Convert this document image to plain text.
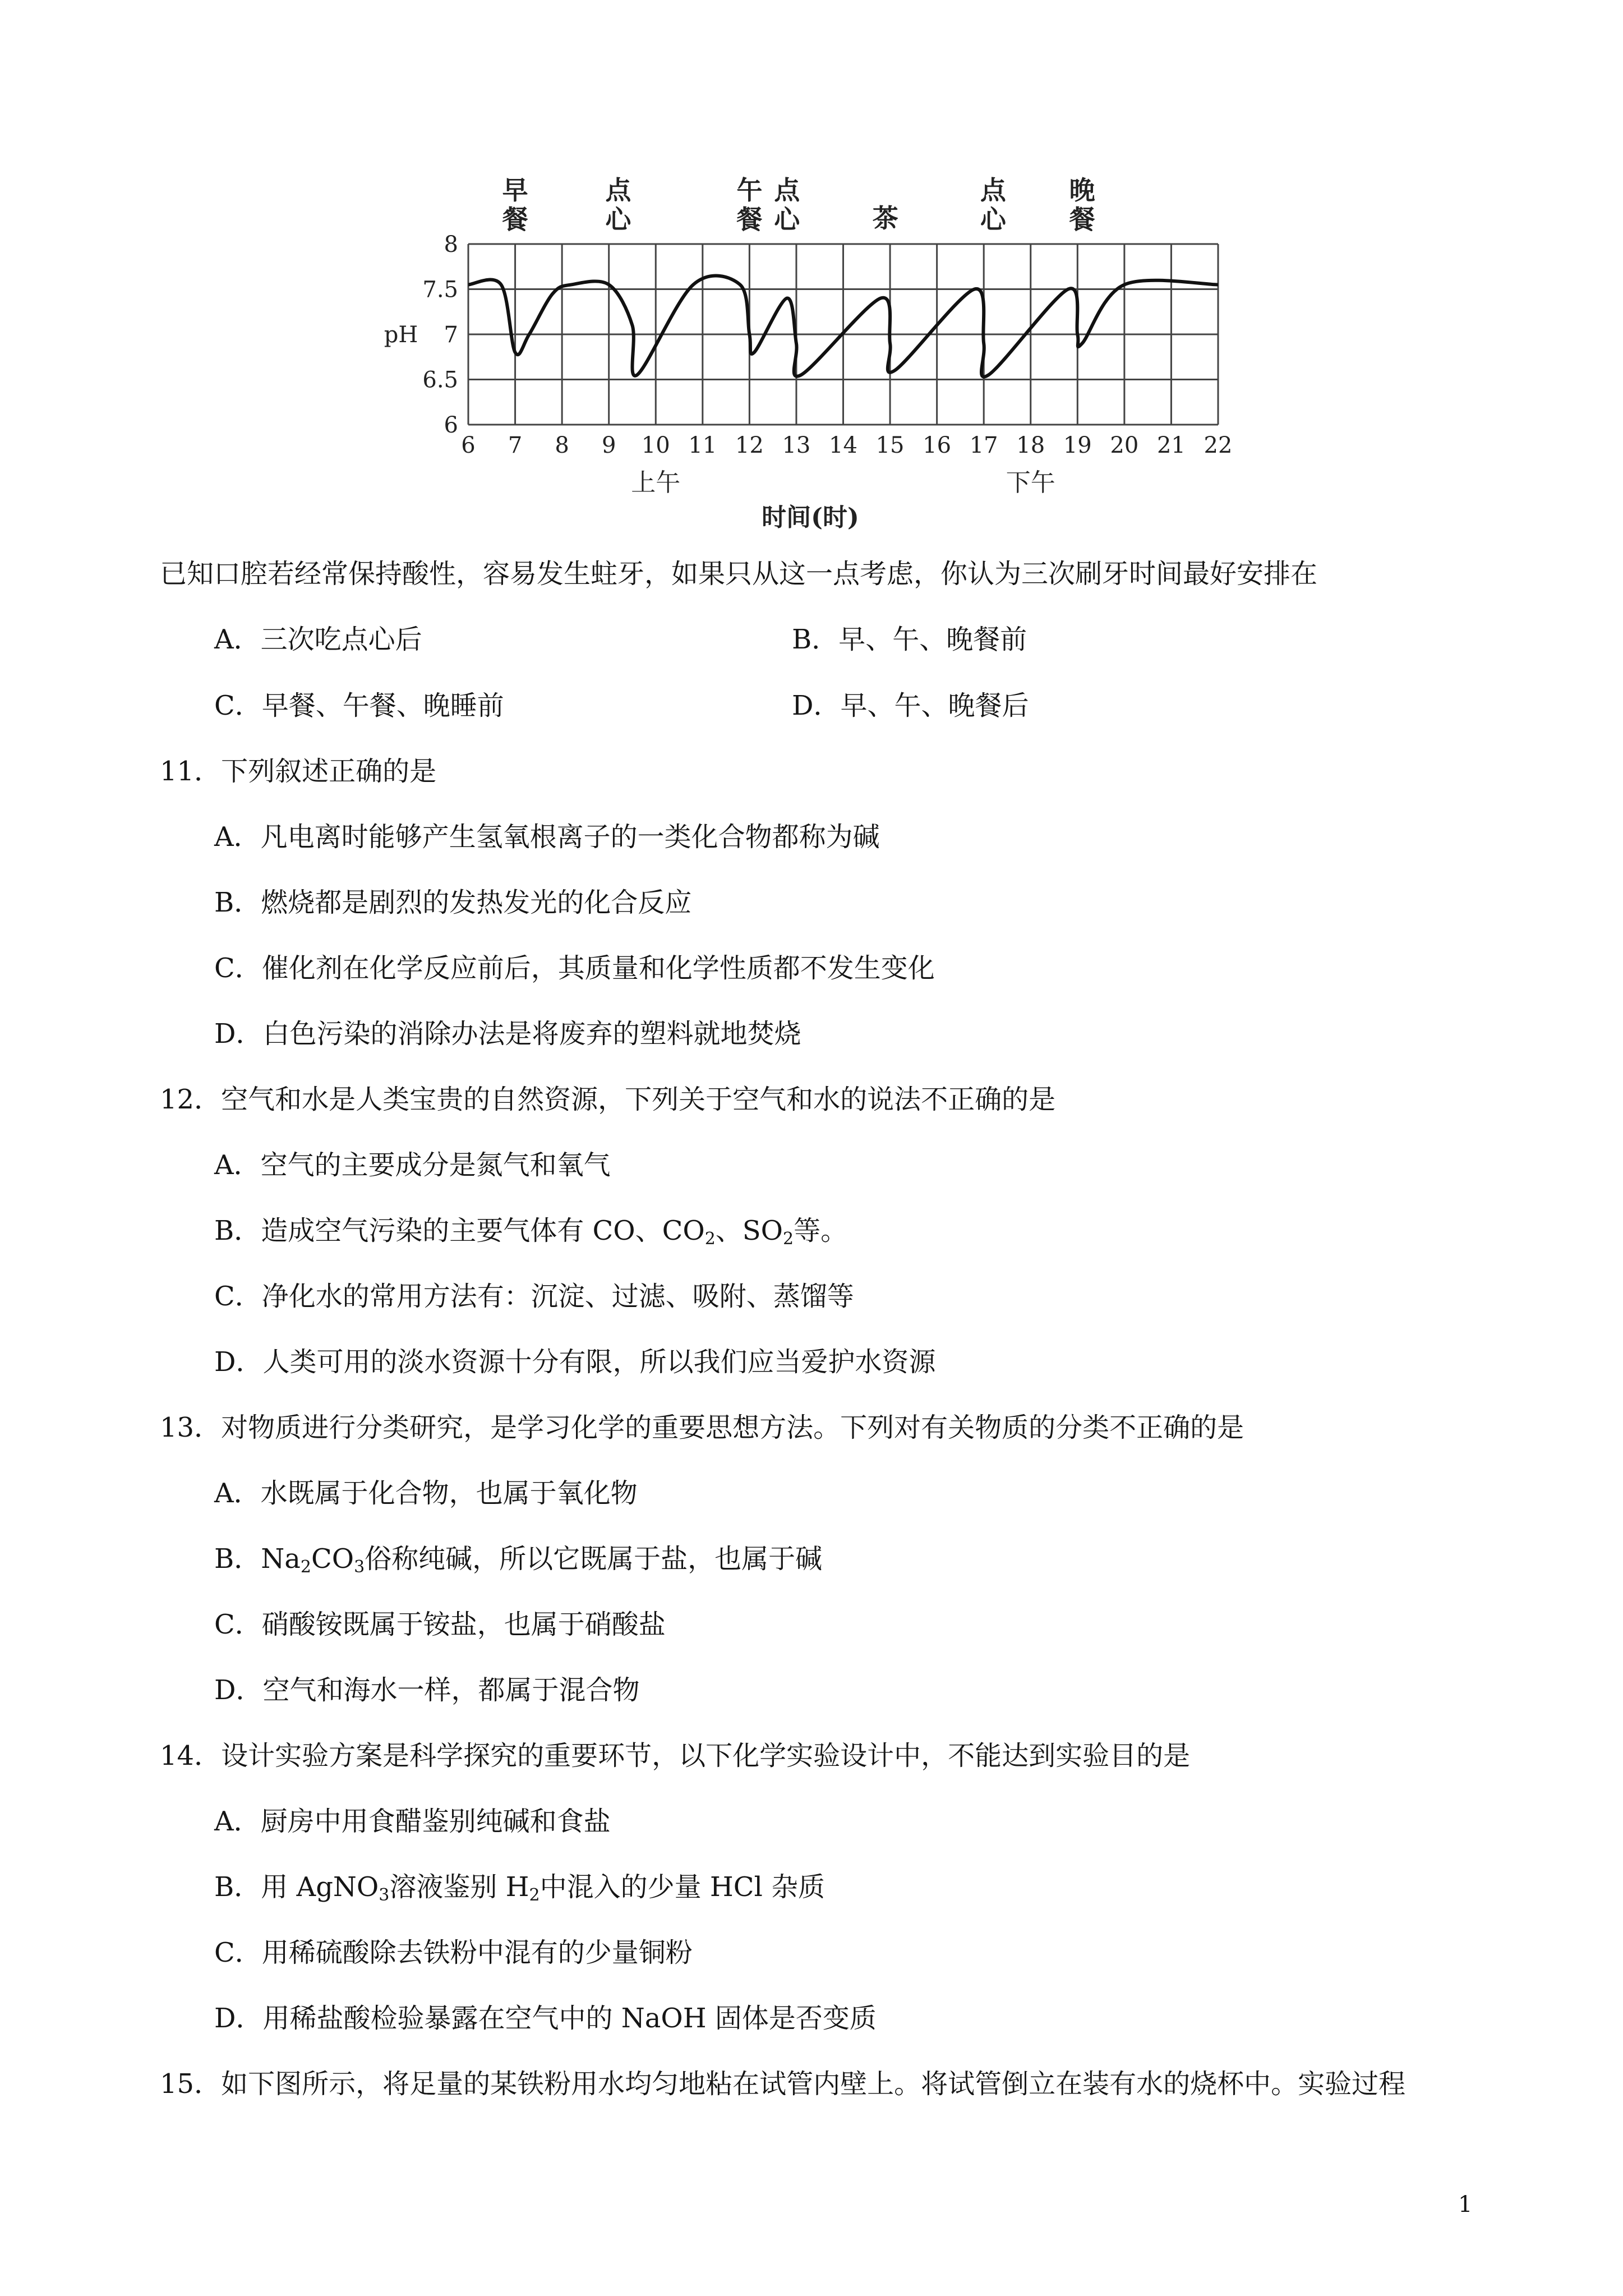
6 7 8 9 10 11 12 13 14 15 16 17 18 19 20 21 22
6
6.5
7
7.5
8
pH
上午	下午
时间(时)
早餐
点心
午餐
点心	茶
点心
晚餐
已知口腔若经常保持酸性，容易发生蛀牙，如果只从这一点考虑，你认为三次刷牙时间最好安排在
A．三次吃点心后	B．早、午、晚餐前
C．早餐、午餐、晚睡前	D．早、午、晚餐后
11．下列叙述正确的是
A．凡电离时能够产生氢氧根离子的一类化合物都称为碱
B．燃烧都是剧烈的发热发光的化合反应
C．催化剂在化学反应前后，其质量和化学性质都不发生变化
D．白色污染的消除办法是将废弃的塑料就地焚烧
12．空气和水是人类宝贵的自然资源，下列关于空气和水的说法不正确的是
A．空气的主要成分是氮气和氧气
B．造成空气污染的主要气体有 CO、$CO_2$、$SO_2$等。
C．净化水的常用方法有：沉淀、过滤、吸附、蒸馏等
D．人类可用的淡水资源十分有限，所以我们应当爱护水资源
13．对物质进行分类研究，是学习化学的重要思想方法。下列对有关物质的分类不正确的是
A．水既属于化合物，也属于氧化物
B．$Na_2CO_3$俗称纯碱，所以它既属于盐，也属于碱
C．硝酸铵既属于铵盐，也属于硝酸盐
D．空气和海水一样，都属于混合物
14．设计实验方案是科学探究的重要环节，以下化学实验设计中，不能达到实验目的是
A．厨房中用食醋鉴别纯碱和食盐
B．用 AgNO$_3$溶液鉴别 $H_2$中混入的少量 HCl 杂质
C．用稀硫酸除去铁粉中混有的少量铜粉
D．用稀盐酸检验暴露在空气中的 NaOH 固体是否变质
15．如下图所示，将足量的某铁粉用水均匀地粘在试管内壁上。将试管倒立在装有水的烧杯中。实验过程
1
